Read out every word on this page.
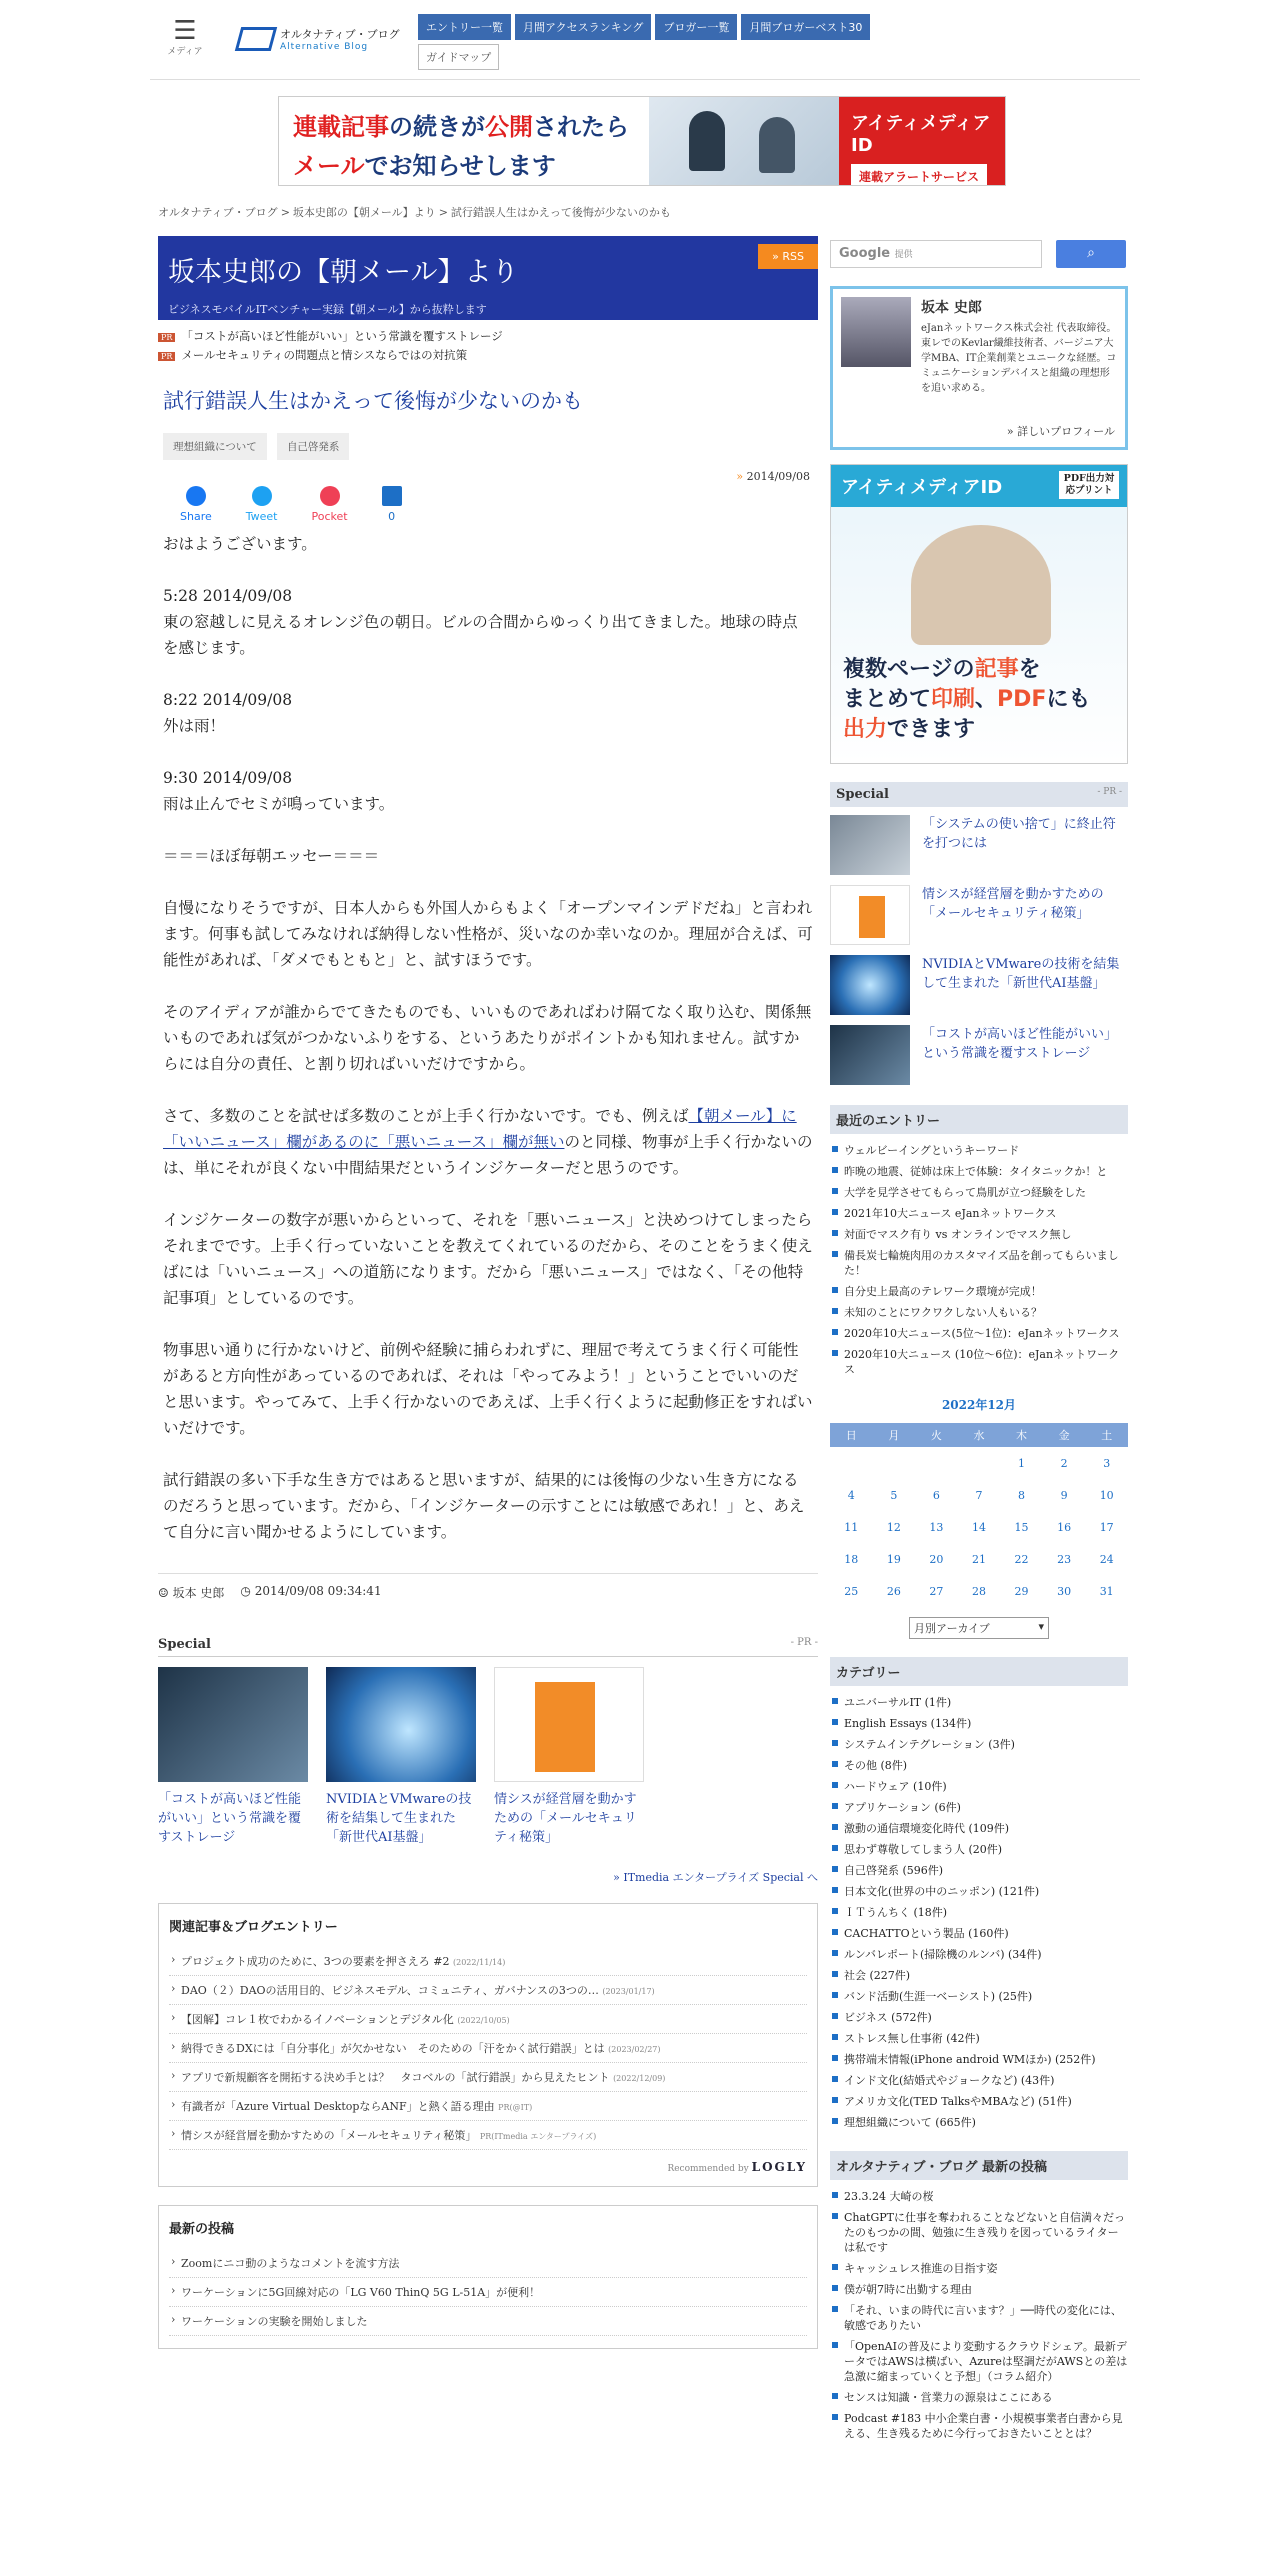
☰
メディア
オルタナティブ・ブログ
Alternative Blog
エントリー一覧	月間アクセスランキング	ブロガー一覧	月間ブロガーベスト30
ガイドマップ
連載記事の続きが公開されたら
メールでお知らせします
アイティメディアID
連載アラートサービス
オルタナティブ・ブログ > 坂本史郎の【朝メール】より > 試行錯誤人生はかえって後悔が少ないのかも
坂本史郎の【朝メール】より
ビジネスモバイルITベンチャー実録【朝メール】から抜粋します
» RSS
PR 「コストが高いほど性能がいい」という常識を覆すストレージ
PR メールセキュリティの問題点と情シスならではの対抗策
試行錯誤人生はかえって後悔が少ないのかも
理想組織について	自己啓発系
» 2014/09/08
Share	Tweet	Pocket	0

おはようございます。

5:28 2014/09/08
東の窓越しに見えるオレンジ色の朝日。ビルの合間からゆっくり出てきました。地球の時点を感じます。

8:22 2014/09/08
外は雨！

9:30 2014/09/08
雨は止んでセミが鳴っています。

＝＝＝ほぼ毎朝エッセー＝＝＝

自慢になりそうですが、日本人からも外国人からもよく「オープンマインデドだね」と言われます。何事も試してみなければ納得しない性格が、災いなのか幸いなのか。理屈が合えば、可能性があれば、「ダメでもともと」と、試すほうです。

そのアイディアが誰からでてきたものでも、いいものであればわけ隔てなく取り込む、関係無いものであれば気がつかないふりをする、というあたりがポイントかも知れません。試すからには自分の責任、と割り切ればいいだけですから。

さて、多数のことを試せば多数のことが上手く行かないです。でも、例えば【朝メール】に「いいニュース」欄があるのに「悪いニュース」欄が無いのと同様、物事が上手く行かないのは、単にそれが良くない中間結果だというインジケーターだと思うのです。

インジケーターの数字が悪いからといって、それを「悪いニュース」と決めつけてしまったらそれまでです。上手く行っていないことを教えてくれているのだから、そのことをうまく使えばには「いいニュース」への道筋になります。だから「悪いニュース」ではなく、「その他特記事項」としているのです。

物事思い通りに行かないけど、前例や経験に捕らわれずに、理屈で考えてうまく行く可能性があると方向性があっているのであれば、それは「やってみよう！」ということでいいのだと思います。やってみて、上手く行かないのであえば、上手く行くように起動修正をすればいいだけです。

試行錯誤の多い下手な生き方ではあると思いますが、結果的には後悔の少ない生き方になるのだろうと思っています。だから、「インジケーターの示すことには敏感であれ！」と、あえて自分に言い聞かせるようにしています。

☺ 坂本 史郎 ◷ 2014/09/08 09:34:41
Special	- PR -
「コストが高いほど性能がいい」という常識を覆すストレージ
NVIDIAとVMwareの技術を結集して生まれた「新世代AI基盤」
情シスが経営層を動かすための「メールセキュリティ秘策」
» ITmedia エンタープライズ Special へ
関連記事＆ブログエントリー
› プロジェクト成功のために、3つの要素を押さえろ #2 (2022/11/14)
› DAO（２）DAOの活用目的、ビジネスモデル、コミュニティ、ガバナンスの3つの… (2023/01/17)
› 【図解】コレ１枚でわかるイノベーションとデジタル化 (2022/10/05)
› 納得できるDXには「自分事化」が欠かせない　そのための「汗をかく試行錯誤」とは (2023/02/27)
› アプリで新規顧客を開拓する決め手とは？　タコベルの「試行錯誤」から見えたヒント (2022/12/09)
› 有識者が「Azure Virtual DesktopならANF」と熱く語る理由 PR(@IT)
› 情シスが経営層を動かすための「メールセキュリティ秘策」 PR(ITmedia エンタープライズ)
Recommended by LOGLY
最新の投稿
› Zoomにニコ動のようなコメントを流す方法
› ワーケーションに5G回線対応の「LG V60 ThinQ 5G L-51A」が便利！
› ワーケーションの実験を開始しました
Google 提供	⌕
坂本 史郎
eJanネットワークス株式会社 代表取締役。東レでのKevlar繊維技術者、バージニア大学MBA、IT企業創業とユニークな経歴。コミュニケーションデバイスと組織の理想形を追い求める。
» 詳しいプロフィール
アイティメディアID	PDF出力対応プリント
複数ページの記事を
まとめて印刷、PDFにも
出力できます
Special	- PR -
「システムの使い捨て」に終止符を打つには
情シスが経営層を動かすための「メールセキュリティ秘策」
NVIDIAとVMwareの技術を結集して生まれた「新世代AI基盤」
「コストが高いほど性能がいい」という常識を覆すストレージ
最近のエントリー
ウェルビーイングというキーワード
昨晩の地震、従姉は床上で体験：タイタニックか！と
大学を見学させてもらって鳥肌が立つ経験をした
2021年10大ニュース eJanネットワークス
対面でマスク有り vs オンラインでマスク無し
備長炭七輪焼肉用のカスタマイズ品を創ってもらいました！
自分史上最高のテレワーク環境が完成！
未知のことにワクワクしない人もいる？
2020年10大ニュース(5位〜1位)：eJanネットワークス
2020年10大ニュース (10位〜6位)：eJanネットワークス
2022年12月
日	月	火	水	木	金	土
				1	2	3
4	5	6	7	8	9	10
11	12	13	14	15	16	17
18	19	20	21	22	23	24
25	26	27	28	29	30	31
月別アーカイブ	▾
カテゴリー
ユニバーサルIT (1件)
English Essays (134件)
システムインテグレーション (3件)
その他 (8件)
ハードウェア (10件)
アプリケーション (6件)
激動の通信環境変化時代 (109件)
思わず尊敬してしまう人 (20件)
自己啓発系 (596件)
日本文化(世界の中のニッポン) (121件)
ＩＴうんちく (18件)
CACHATTOという製品 (160件)
ルンバレポート(掃除機のルンバ) (34件)
社会 (227件)
バンド活動(生涯一ベーシスト) (25件)
ビジネス (572件)
ストレス無し仕事術 (42件)
携帯端末情報(iPhone android WMほか) (252件)
インド文化(結婚式やジョークなど) (43件)
アメリカ文化(TED TalksやMBAなど) (51件)
理想組織について (665件)
オルタナティブ・ブログ 最新の投稿
23.3.24 大崎の桜
ChatGPTに仕事を奪われることなどないと自信満々だったのもつかの間、勉強に生き残りを図っているライターは私です
キャッシュレス推進の目指す姿
僕が朝7時に出勤する理由
「それ、いまの時代に言います？」──時代の変化には、敏感でありたい
「OpenAIの普及により変動するクラウドシェア。最新データではAWSは横ばい、Azureは堅調だがAWSとの差は急激に縮まっていくと予想」（コラム紹介）
センスは知識・営業力の源泉はここにある
Podcast #183 中小企業白書・小規模事業者白書から見える、生き残るために今行っておきたいこととは？
